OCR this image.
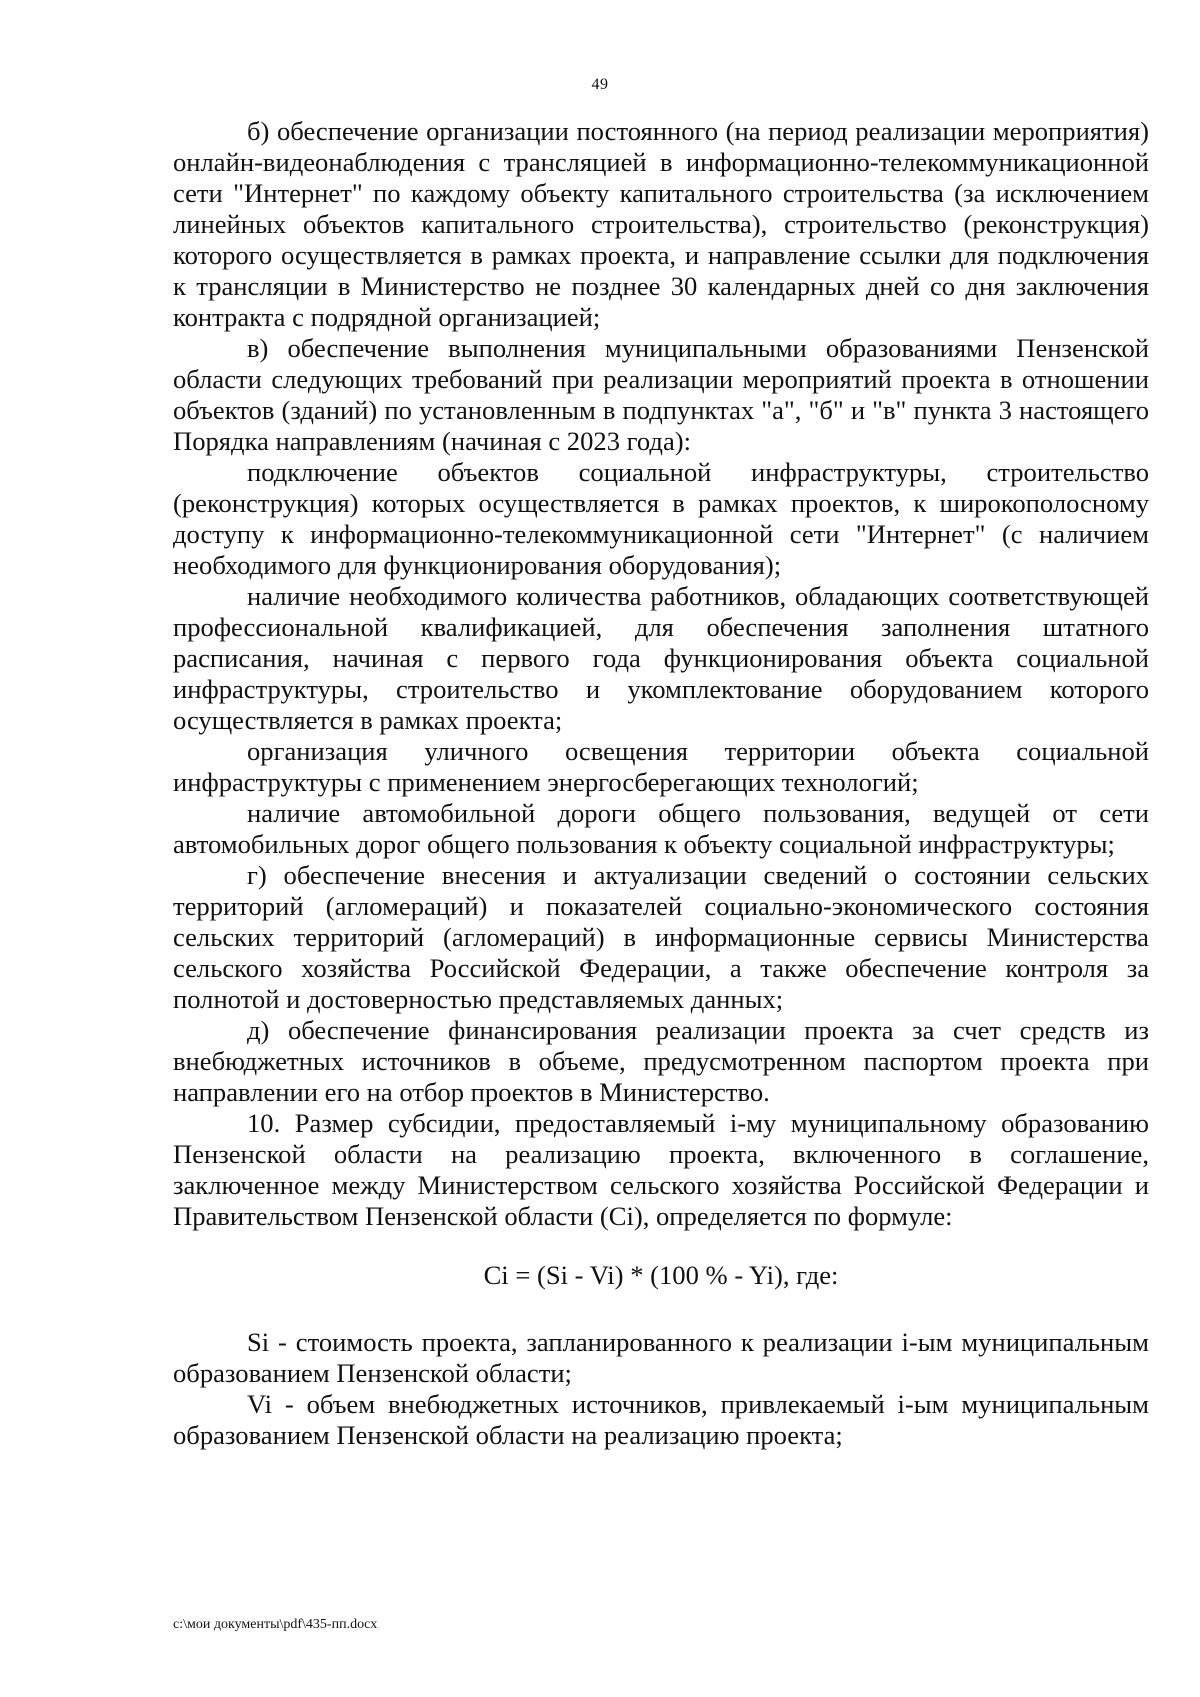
49

б) обеспечение организации постоянного (на период реализации мероприятия) онлайн-видеонаблюдения с трансляцией в информационно-телекоммуникационной сети "Интернет" по каждому объекту капитального строительства (за исключением линейных объектов капитального строительства), строительство (реконструкция) которого осуществляется в рамках проекта, и направление ссылки для подключения к трансляции в Министерство не позднее 30 календарных дней со дня заключения контракта с подрядной организацией;

в) обеспечение выполнения муниципальными образованиями Пензенской области следующих требований при реализации мероприятий проекта в отношении объектов (зданий) по установленным в подпунктах "а", "б" и "в" пункта 3 настоящего Порядка направлениям (начиная с 2023 года):

подключение объектов социальной инфраструктуры, строительство (реконструкция) которых осуществляется в рамках проектов, к широкополосному доступу к информационно-телекоммуникационной сети "Интернет" (с наличием необходимого для функционирования оборудования);

наличие необходимого количества работников, обладающих соответствующей профессиональной квалификацией, для обеспечения заполнения штатного расписания, начиная с первого года функционирования объекта социальной инфраструктуры, строительство и укомплектование оборудованием которого осуществляется в рамках проекта;

организация уличного освещения территории объекта социальной инфраструктуры с применением энергосберегающих технологий;

наличие автомобильной дороги общего пользования, ведущей от сети автомобильных дорог общего пользования к объекту социальной инфраструктуры;

г) обеспечение внесения и актуализации сведений о состоянии сельских территорий (агломераций) и показателей социально-экономического состояния сельских территорий (агломераций) в информационные сервисы Министерства сельского хозяйства Российской Федерации, а также обеспечение контроля за полнотой и достоверностью представляемых данных;

д) обеспечение финансирования реализации проекта за счет средств из внебюджетных источников в объеме, предусмотренном паспортом проекта при направлении его на отбор проектов в Министерство.

10. Размер субсидии, предоставляемый i-му муниципальному образованию Пензенской области на реализацию проекта, включенного в соглашение, заключенное между Министерством сельского хозяйства Российской Федерации и Правительством Пензенской области (Ci), определяется по формуле:

Ci = (Si - Vi) * (100 % - Yi), где:

Si - стоимость проекта, запланированного к реализации i-ым муниципальным образованием Пензенской области;

Vi - объем внебюджетных источников, привлекаемый i-ым муниципальным образованием Пензенской области на реализацию проекта;

c:\мои документы\pdf\435-пп.docx
